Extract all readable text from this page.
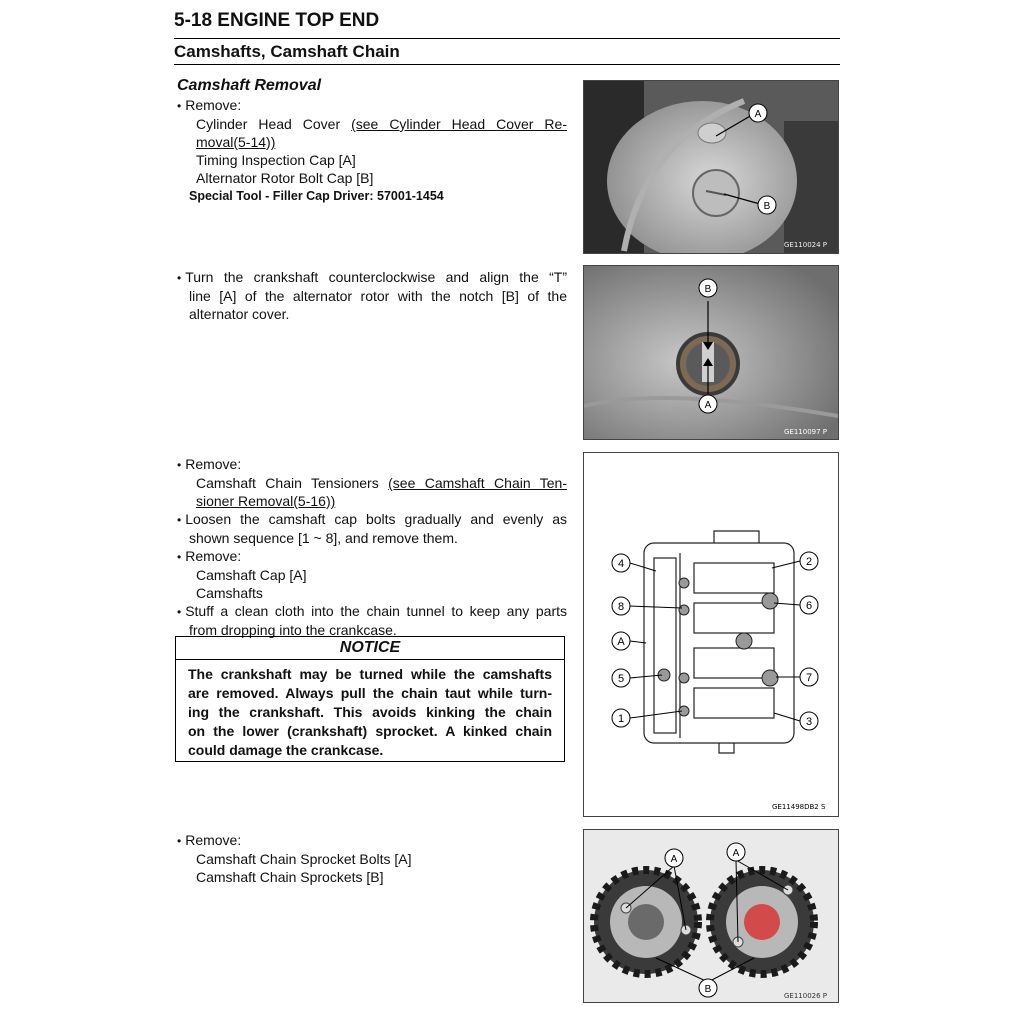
5-18 ENGINE TOP END
Camshafts, Camshaft Chain
Camshaft Removal
• Remove:
Cylinder Head Cover (see Cylinder Head Cover Re-
moval(5-14))
Timing Inspection Cap [A]
Alternator Rotor Bolt Cap [B]
Special Tool - Filler Cap Driver: 57001-1454
• Turn the crankshaft counterclockwise and align the “T”
line [A] of the alternator rotor with the notch [B] of the
alternator cover.
• Remove:
Camshaft Chain Tensioners (see Camshaft Chain Ten-
sioner Removal(5-16))
• Loosen the camshaft cap bolts gradually and evenly as
shown sequence [1 ~ 8], and remove them.
• Remove:
Camshaft Cap [A]
Camshafts
• Stuff a clean cloth into the chain tunnel to keep any parts
from dropping into the crankcase.
NOTICE
The crankshaft may be turned while the camshafts
are removed. Always pull the chain taut while turn-
ing the crankshaft. This avoids kinking the chain
on the lower (crankshaft) sprocket. A kinked chain
could damage the crankcase.
• Remove:
Camshaft Chain Sprocket Bolts [A]
Camshaft Chain Sprockets [B]
A
B
GE110024 P
B
A
GE110097 P
4	2
8	6
A
5	7
1	3
GE11498DB2 S
A
A
B
GE110026 P
